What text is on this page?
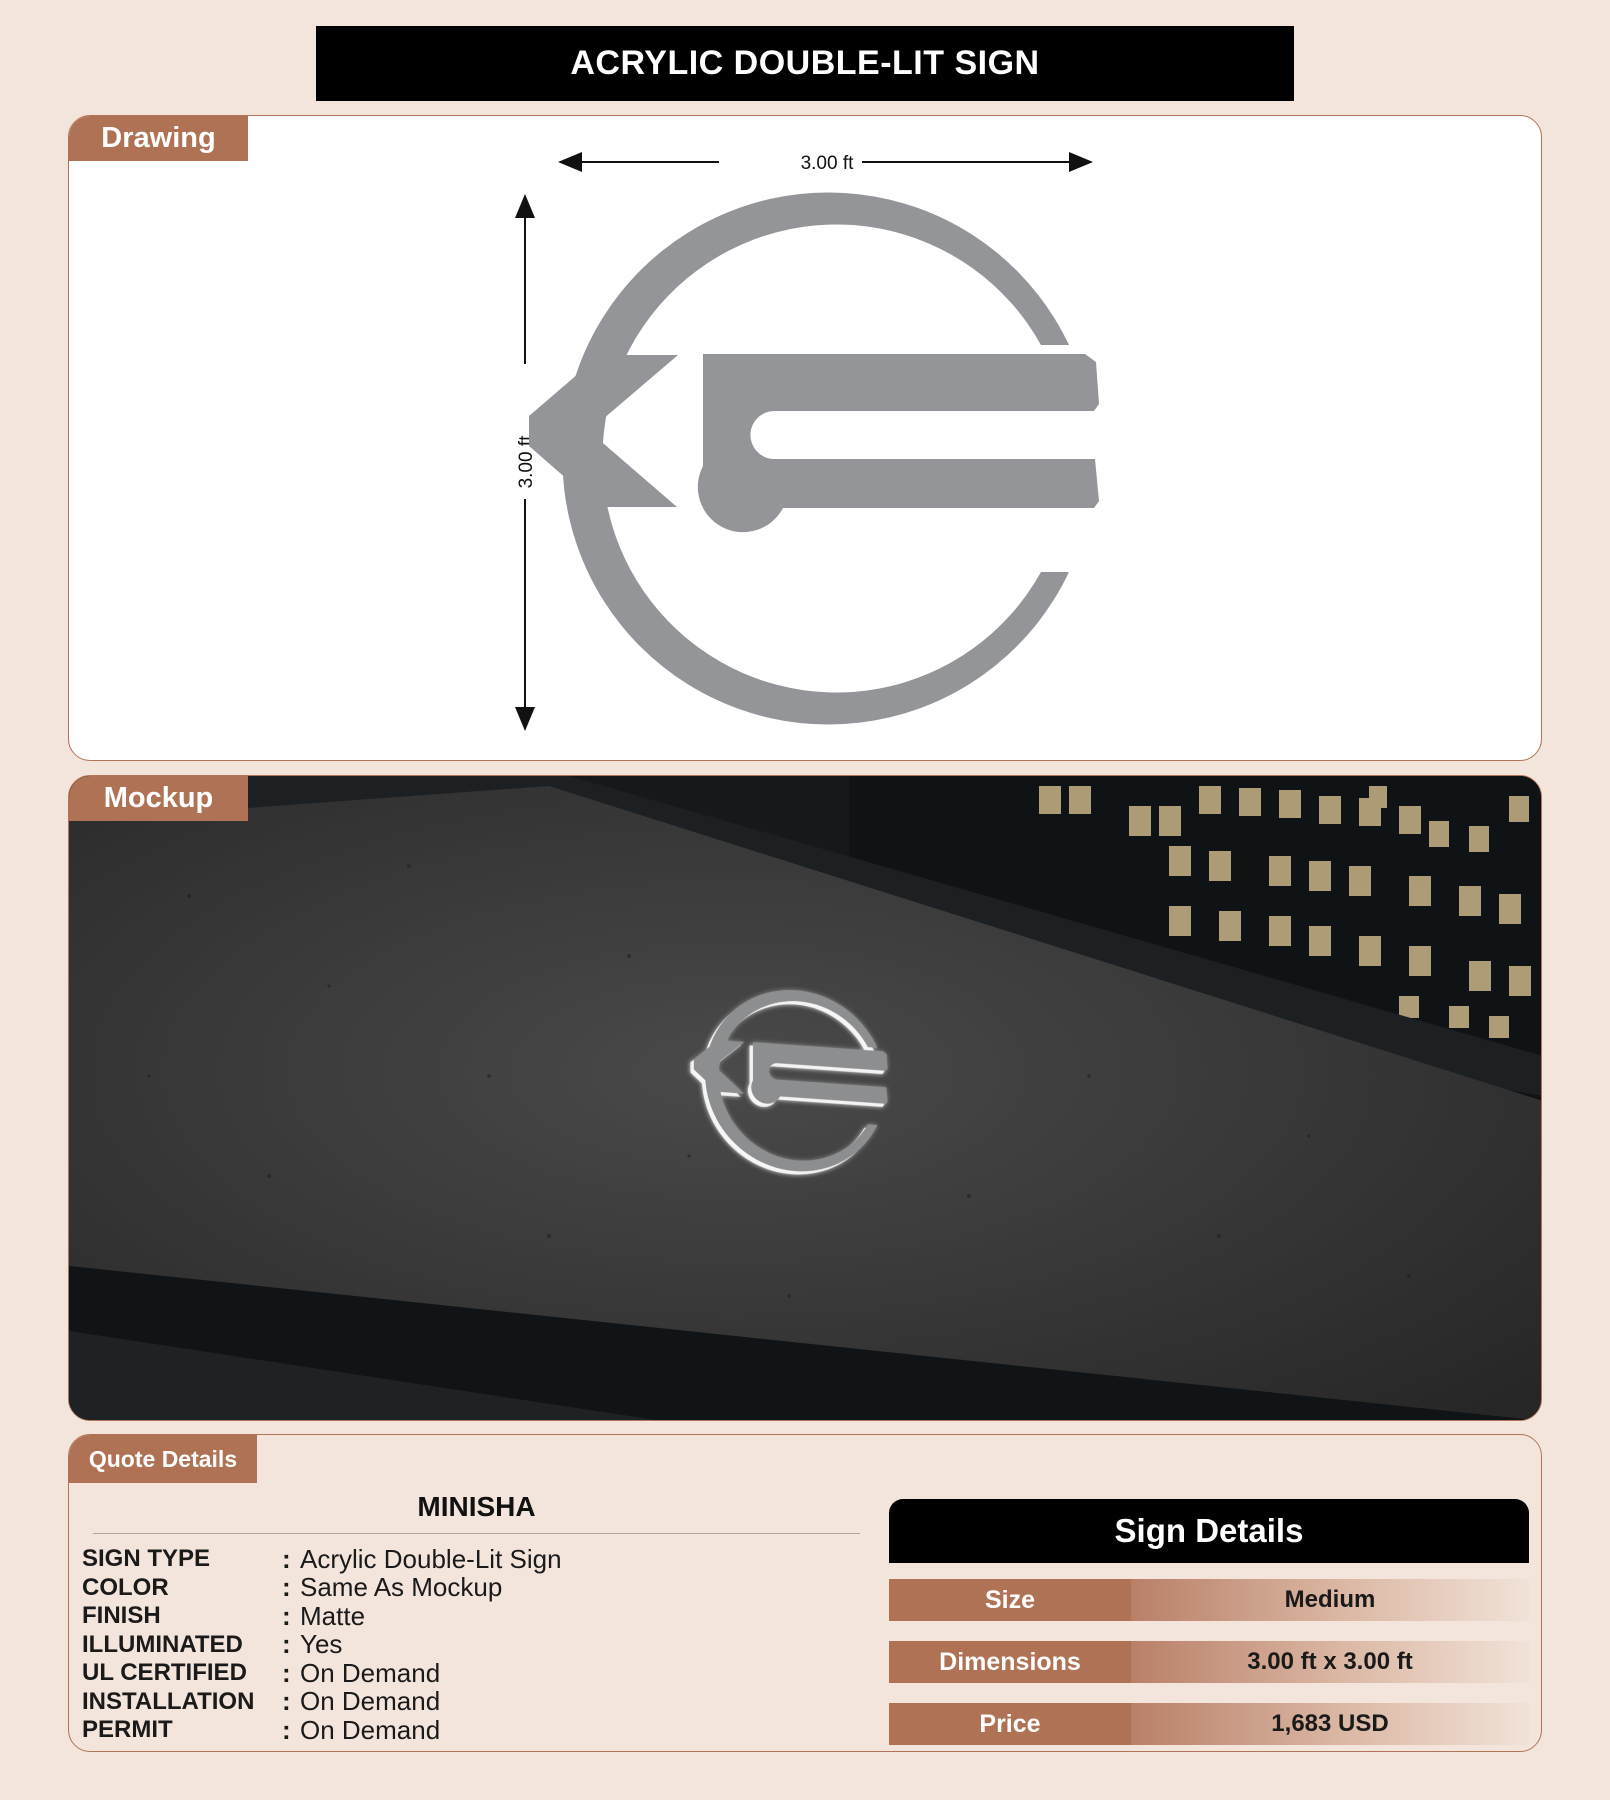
ACRYLIC DOUBLE-LIT SIGN
Drawing
3.00 ft
3.00 ft
Mockup
Quote Details
MINISHA
SIGN TYPE	: Acrylic Double-Lit Sign
COLOR	: Same As Mockup
FINISH	: Matte
ILLUMINATED	: Yes
UL CERTIFIED	: On Demand
INSTALLATION	: On Demand
PERMIT	: On Demand
Sign Details
Size	Medium
Dimensions	3.00 ft x 3.00 ft
Price	1,683 USD
